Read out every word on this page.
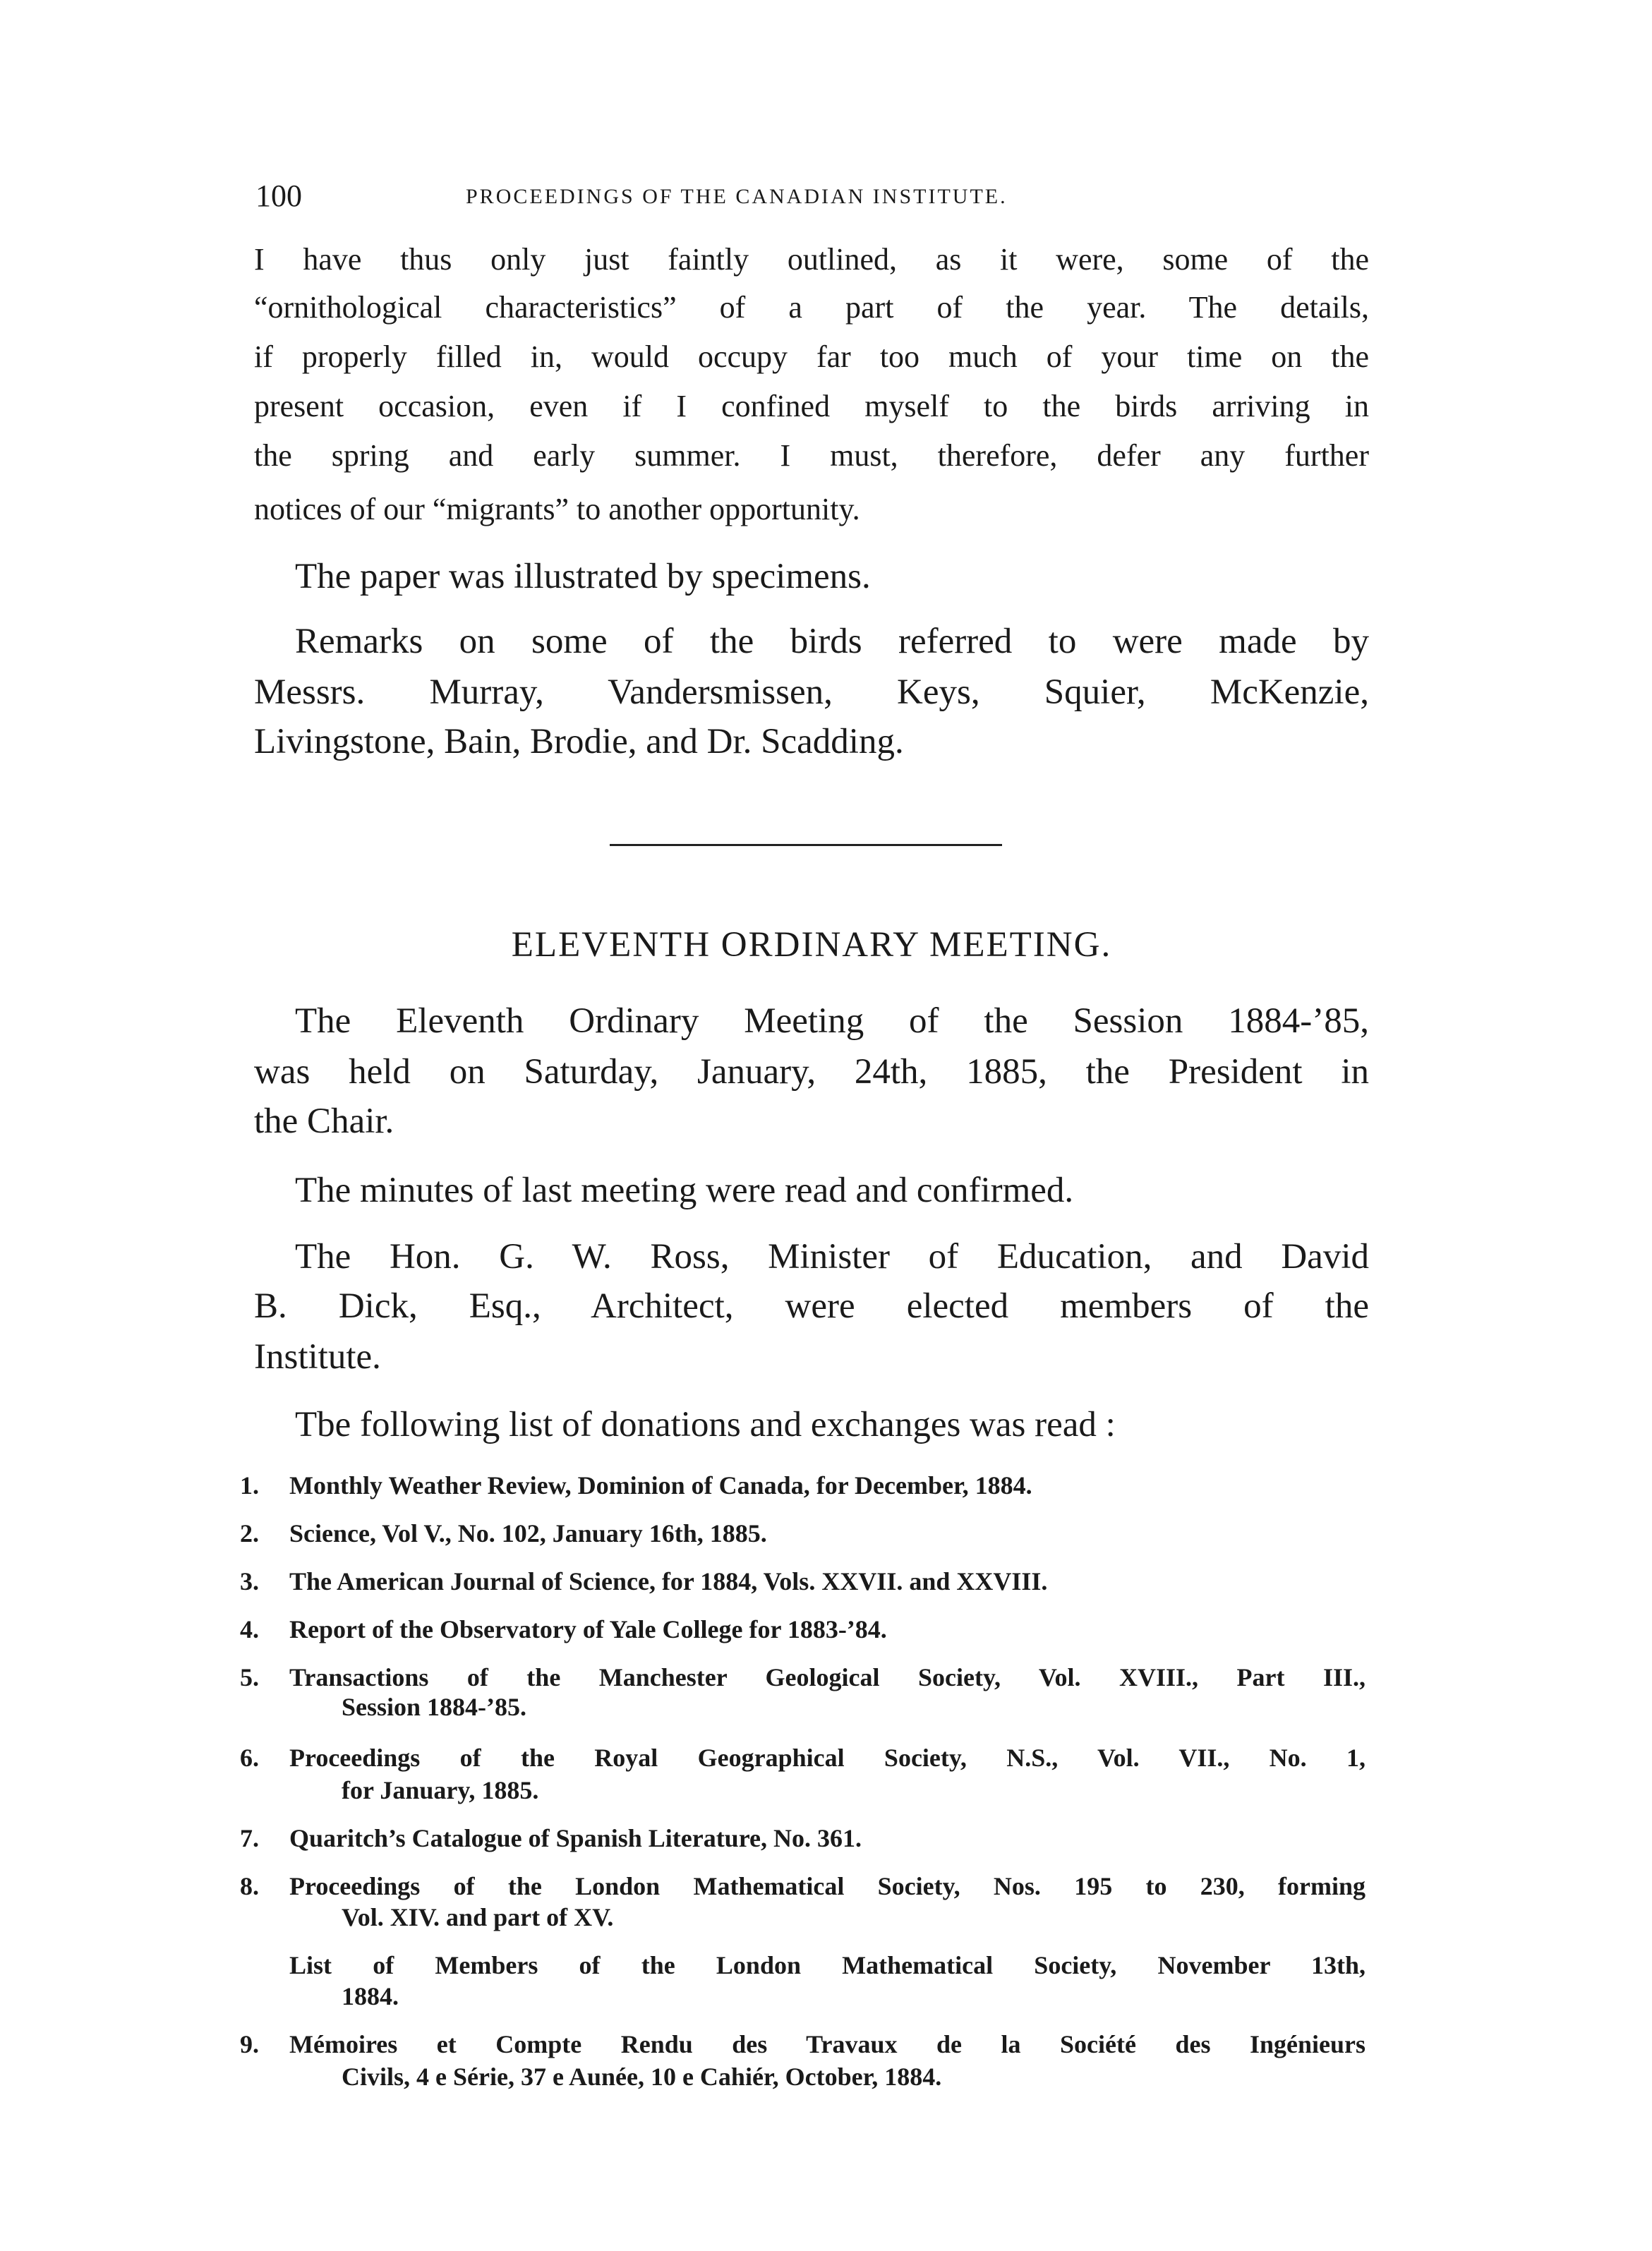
100	PROCEEDINGS OF THE CANADIAN INSTITUTE.
I have thus only just faintly outlined, as it were, some of the
“ornithological characteristics” of a part of the year. The details,
if properly filled in, would occupy far too much of your time on the
present occasion, even if I confined myself to the birds arriving in
the spring and early summer. I must, therefore, defer any further
notices of our “migrants” to another opportunity.
The paper was illustrated by specimens.
Remarks on some of the birds referred to were made by
Messrs. Murray, Vandersmissen, Keys, Squier, McKenzie,
Livingstone, Bain, Brodie, and Dr. Scadding.
ELEVENTH ORDINARY MEETING.
The Eleventh Ordinary Meeting of the Session 1884-’85,
was held on Saturday, January, 24th, 1885, the President in
the Chair.
The minutes of last meeting were read and confirmed.
The Hon. G. W. Ross, Minister of Education, and David
B. Dick, Esq., Architect, were elected members of the
Institute.
Tbe following list of donations and exchanges was read :
1. Monthly Weather Review, Dominion of Canada, for December, 1884.
2. Science, Vol V., No. 102, January 16th, 1885.
3. The American Journal of Science, for 1884, Vols. XXVII. and XXVIII.
4. Report of the Observatory of Yale College for 1883-’84.
5. Transactions of the Manchester Geological Society, Vol. XVIII., Part III.,
Session 1884-’85.
6. Proceedings of the Royal Geographical Society, N.S., Vol. VII., No. 1,
for January, 1885.
7. Quaritch’s Catalogue of Spanish Literature, No. 361.
8. Proceedings of the London Mathematical Society, Nos. 195 to 230, forming
Vol. XIV. and part of XV.
List of Members of the London Mathematical Society, November 13th,
1884.
9. Mémoires et Compte Rendu des Travaux de la Société des Ingénieurs
Civils, 4 e Série, 37 e Aunée, 10 e Cahiér, October, 1884.
